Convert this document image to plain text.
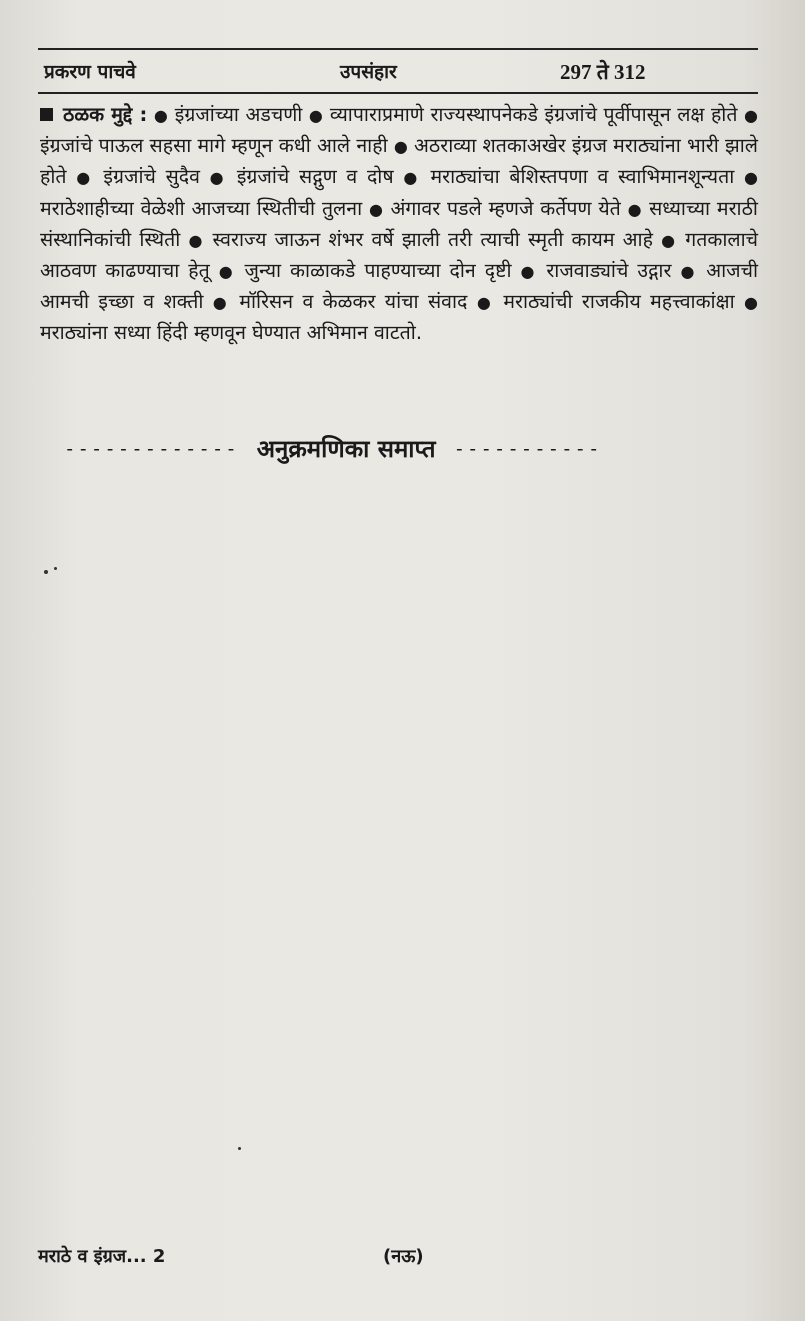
प्रकरण पाचवे	उपसंहार	297 ते 312
ठळक मुद्दे : ● इंग्रजांच्या अडचणी ● व्यापाराप्रमाणे राज्यस्थापनेकडे इंग्रजांचे पूर्वीपासून लक्ष होते ● इंग्रजांचे पाऊल सहसा मागे म्हणून कधी आले नाही ● अठराव्या शतकाअखेर इंग्रज मराठ्यांना भारी झाले होते ● इंग्रजांचे सुदैव ● इंग्रजांचे सद्गुण व दोष ● मराठ्यांचा बेशिस्तपणा व स्वाभिमानशून्यता ● मराठेशाहीच्या वेळेशी आजच्या स्थितीची तुलना ● अंगावर पडले म्हणजे कर्तेपण येते ● सध्याच्या मराठी संस्थानिकांची स्थिती ● स्वराज्य जाऊन शंभर वर्षे झाली तरी त्याची स्मृती कायम आहे ● गतकालाचे आठवण काढण्याचा हेतू ● जुन्या काळाकडे पाहण्याच्या दोन दृष्टी ● राजवाड्यांचे उद्गार ● आजची आमची इच्छा व शक्ती ● मॉरिसन व केळकर यांचा संवाद ● मराठ्यांची राजकीय महत्त्वाकांक्षा ● मराठ्यांना सध्या हिंदी म्हणवून घेण्यात अभिमान वाटतो.
------------- अनुक्रमणिका समाप्त -----------
मराठे व इंग्रज... 2	(नऊ)
